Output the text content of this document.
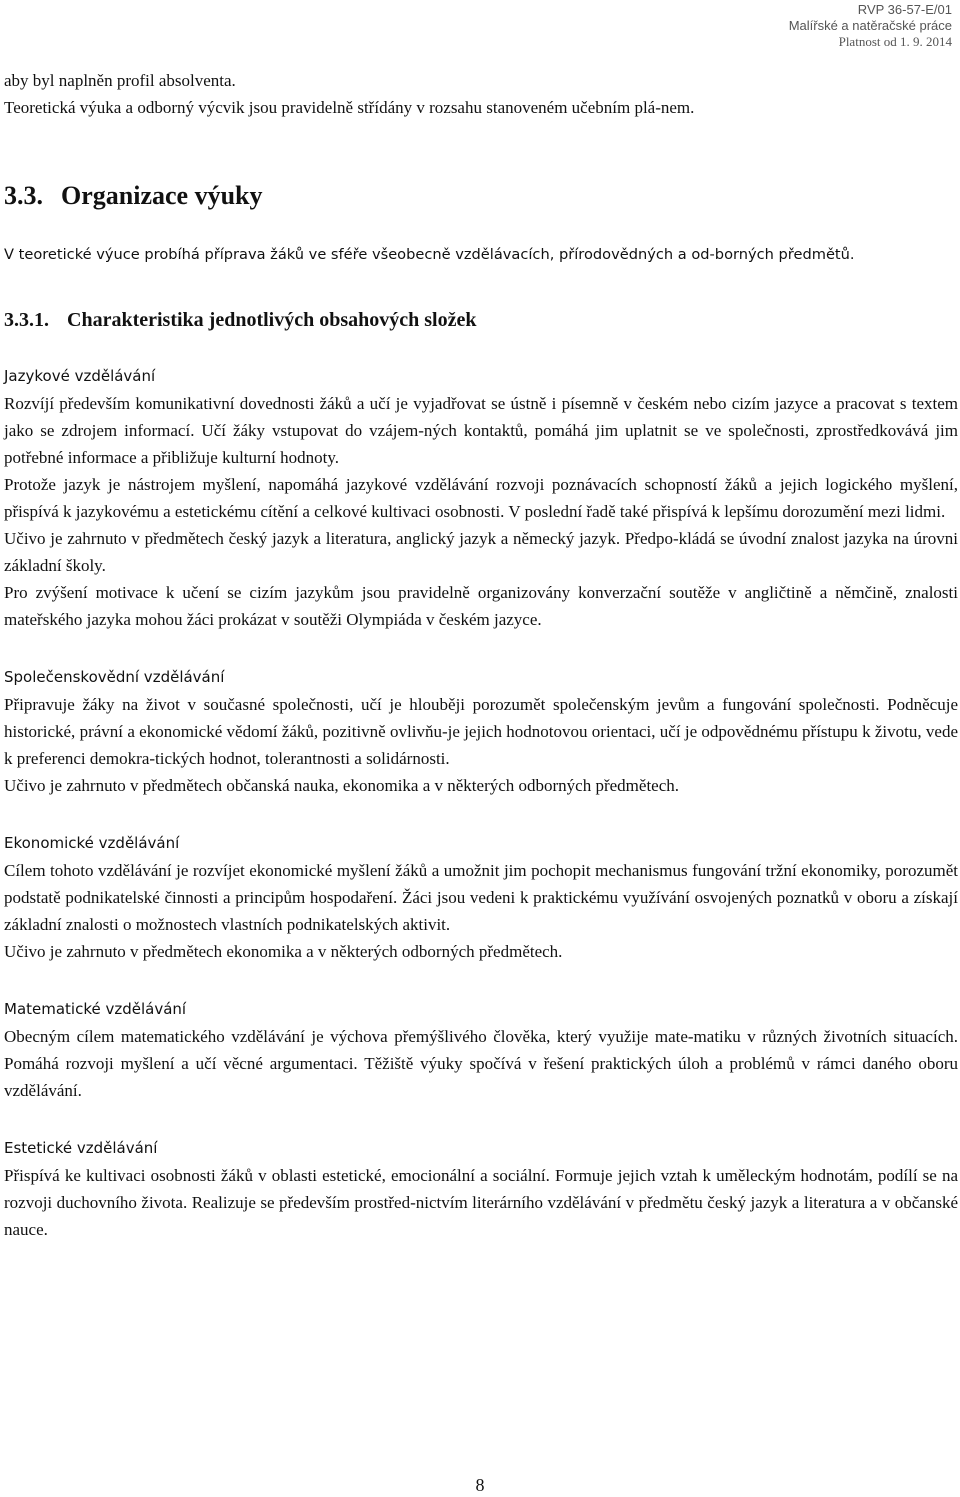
RVP 36-57-E/01
Malířské a natěračské práce
Platnost od 1. 9. 2014

aby byl naplněn profil absolventa.

Teoretická výuka a odborný výcvik jsou pravidelně střídány v rozsahu stanoveném učebním plá-nem.

3.3. Organizace výuky

V teoretické výuce probíhá příprava žáků ve sféře všeobecně vzdělávacích, přírodovědných a od-borných předmětů.

3.3.1. Charakteristika jednotlivých obsahových složek
Jazykové vzdělávání

Rozvíjí především komunikativní dovednosti žáků a učí je vyjadřovat se ústně i písemně v českém nebo cizím jazyce a pracovat s textem jako se zdrojem informací. Učí žáky vstupovat do vzájem-ných kontaktů, pomáhá jim uplatnit se ve společnosti, zprostředkovává jim potřebné informace a přibližuje kulturní hodnoty.

Protože jazyk je nástrojem myšlení, napomáhá jazykové vzdělávání rozvoji poznávacích schopností žáků a jejich logického myšlení, přispívá k jazykovému a estetickému cítění a celkové kultivaci osobnosti. V poslední řadě také přispívá k lepšímu dorozumění mezi lidmi.

Učivo je zahrnuto v předmětech český jazyk a literatura, anglický jazyk a německý jazyk. Předpo-kládá se úvodní znalost jazyka na úrovni základní školy.

Pro zvýšení motivace k učení se cizím jazykům jsou pravidelně organizovány konverzační soutěže v angličtině a němčině, znalosti mateřského jazyka mohou žáci prokázat v soutěži Olympiáda v českém jazyce.

Společenskovědní vzdělávání

Připravuje žáky na život v současné společnosti, učí je hlouběji porozumět společenským jevům a fungování společnosti. Podněcuje historické, právní a ekonomické vědomí žáků, pozitivně ovlivňu-je jejich hodnotovou orientaci, učí je odpovědnému přístupu k životu, vede k preferenci demokra-tických hodnot, tolerantnosti a solidárnosti.

Učivo je zahrnuto v předmětech občanská nauka, ekonomika a v některých odborných předmětech.

Ekonomické vzdělávání

Cílem tohoto vzdělávání je rozvíjet ekonomické myšlení žáků a umožnit jim pochopit mechanismus fungování tržní ekonomiky, porozumět podstatě podnikatelské činnosti a principům hospodaření. Žáci jsou vedeni k praktickému využívání osvojených poznatků v oboru a získají základní znalosti o možnostech vlastních podnikatelských aktivit.

Učivo je zahrnuto v předmětech ekonomika a v některých odborných předmětech.

Matematické vzdělávání

Obecným cílem matematického vzdělávání je výchova přemýšlivého člověka, který využije mate-matiku v různých životních situacích. Pomáhá rozvoji myšlení a učí věcné argumentaci. Těžiště výuky spočívá v řešení praktických úloh a problémů v rámci daného oboru vzdělávání.

Estetické vzdělávání

Přispívá ke kultivaci osobnosti žáků v oblasti estetické, emocionální a sociální. Formuje jejich vztah k uměleckým hodnotám, podílí se na rozvoji duchovního života. Realizuje se především prostřed-nictvím literárního vzdělávání v předmětu český jazyk a literatura a v občanské nauce.

8
